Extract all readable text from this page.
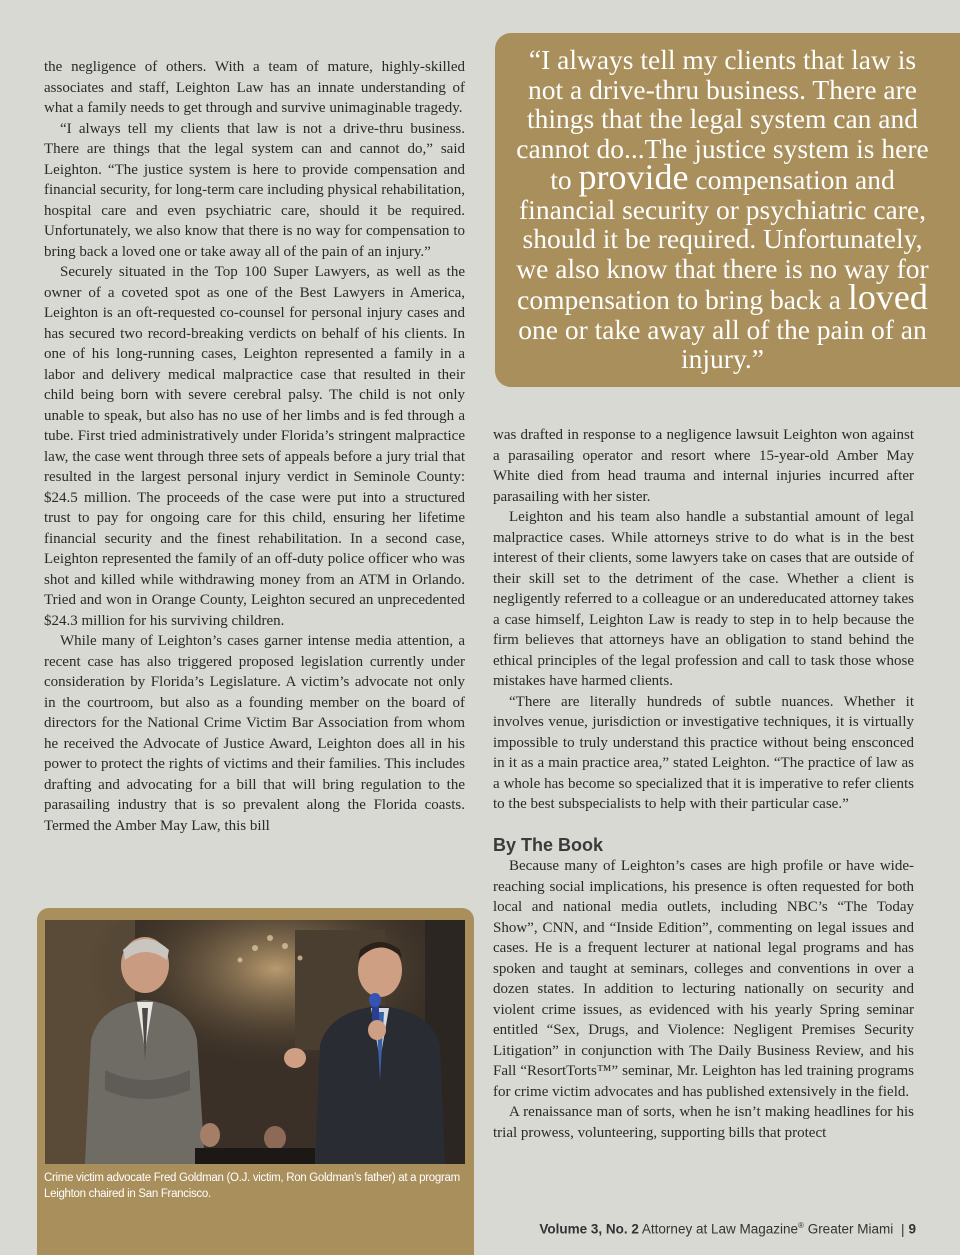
the negligence of others. With a team of mature, highly-skilled associates and staff, Leighton Law has an innate understanding of what a family needs to get through and survive unimaginable tragedy.

“I always tell my clients that law is not a drive-thru business. There are things that the legal system can and cannot do,” said Leighton. “The justice system is here to provide compensation and financial security, for long-term care including physical rehabilitation, hospital care and even psychiatric care, should it be required. Unfortunately, we also know that there is no way for compensation to bring back a loved one or take away all of the pain of an injury.”

Securely situated in the Top 100 Super Lawyers, as well as the owner of a coveted spot as one of the Best Lawyers in America, Leighton is an oft-requested co-counsel for personal injury cases and has secured two record-breaking verdicts on behalf of his clients. In one of his long-running cases, Leighton represented a family in a labor and delivery medical malpractice case that resulted in their child being born with severe cerebral palsy. The child is not only unable to speak, but also has no use of her limbs and is fed through a tube. First tried administratively under Florida’s stringent malpractice law, the case went through three sets of appeals before a jury trial that resulted in the largest personal injury verdict in Seminole County: $24.5 million. The proceeds of the case were put into a structured trust to pay for ongoing care for this child, ensuring her lifetime financial security and the finest rehabilitation. In a second case, Leighton represented the family of an off-duty police officer who was shot and killed while withdrawing money from an ATM in Orlando. Tried and won in Orange County, Leighton secured an unprecedented $24.3 million for his surviving children.

While many of Leighton’s cases garner intense media attention, a recent case has also triggered proposed legislation currently under consideration by Florida’s Legislature. A victim’s advocate not only in the courtroom, but also as a founding member on the board of directors for the National Crime Victim Bar Association from whom he received the Advocate of Justice Award, Leighton does all in his power to protect the rights of victims and their families. This includes drafting and advocating for a bill that will bring regulation to the parasailing industry that is so prevalent along the Florida coasts. Termed the Amber May Law, this bill

“I always tell my clients that law is not a drive-thru business. There are things that the legal system can and cannot do...The justice system is here to provide compensation and financial security or psychiatric care, should it be required. Unfortunately, we also know that there is no way for compensation to bring back a loved one or take away all of the pain of an injury.”

was drafted in response to a negligence lawsuit Leighton won against a parasailing operator and resort where 15-year-old Amber May White died from head trauma and internal injuries incurred after parasailing with her sister.

Leighton and his team also handle a substantial amount of legal malpractice cases. While attorneys strive to do what is in the best interest of their clients, some lawyers take on cases that are outside of their skill set to the detriment of the case. Whether a client is negligently referred to a colleague or an undereducated attorney takes a case himself, Leighton Law is ready to step in to help because the firm believes that attorneys have an obligation to stand behind the ethical principles of the legal profession and call to task those whose mistakes have harmed clients.

“There are literally hundreds of subtle nuances. Whether it involves venue, jurisdiction or investigative techniques, it is virtually impossible to truly understand this practice without being ensconced in it as a main practice area,” stated Leighton. “The practice of law as a whole has become so specialized that it is imperative to refer clients to the best subspecialists to help with their particular case.”

By The Book

Because many of Leighton’s cases are high profile or have wide-reaching social implications, his presence is often requested for both local and national media outlets, including NBC’s “The Today Show”, CNN, and “Inside Edition”, commenting on legal issues and cases. He is a frequent lecturer at national legal programs and has spoken and taught at seminars, colleges and conventions in over a dozen states. In addition to lecturing nationally on security and violent crime issues, as evidenced with his yearly Spring seminar entitled “Sex, Drugs, and Violence: Negligent Premises Security Litigation” in conjunction with The Daily Business Review, and his Fall “ResortTorts™” seminar, Mr. Leighton has led training programs for crime victim advocates and has published extensively in the field.

A renaissance man of sorts, when he isn’t making headlines for his trial prowess, volunteering, supporting bills that protect

Crime victim advocate Fred Goldman (O.J. victim, Ron Goldman’s father) at a program Leighton chaired in San Francisco.
Volume 3, No. 2 Attorney at Law Magazine® Greater Miami | 9
